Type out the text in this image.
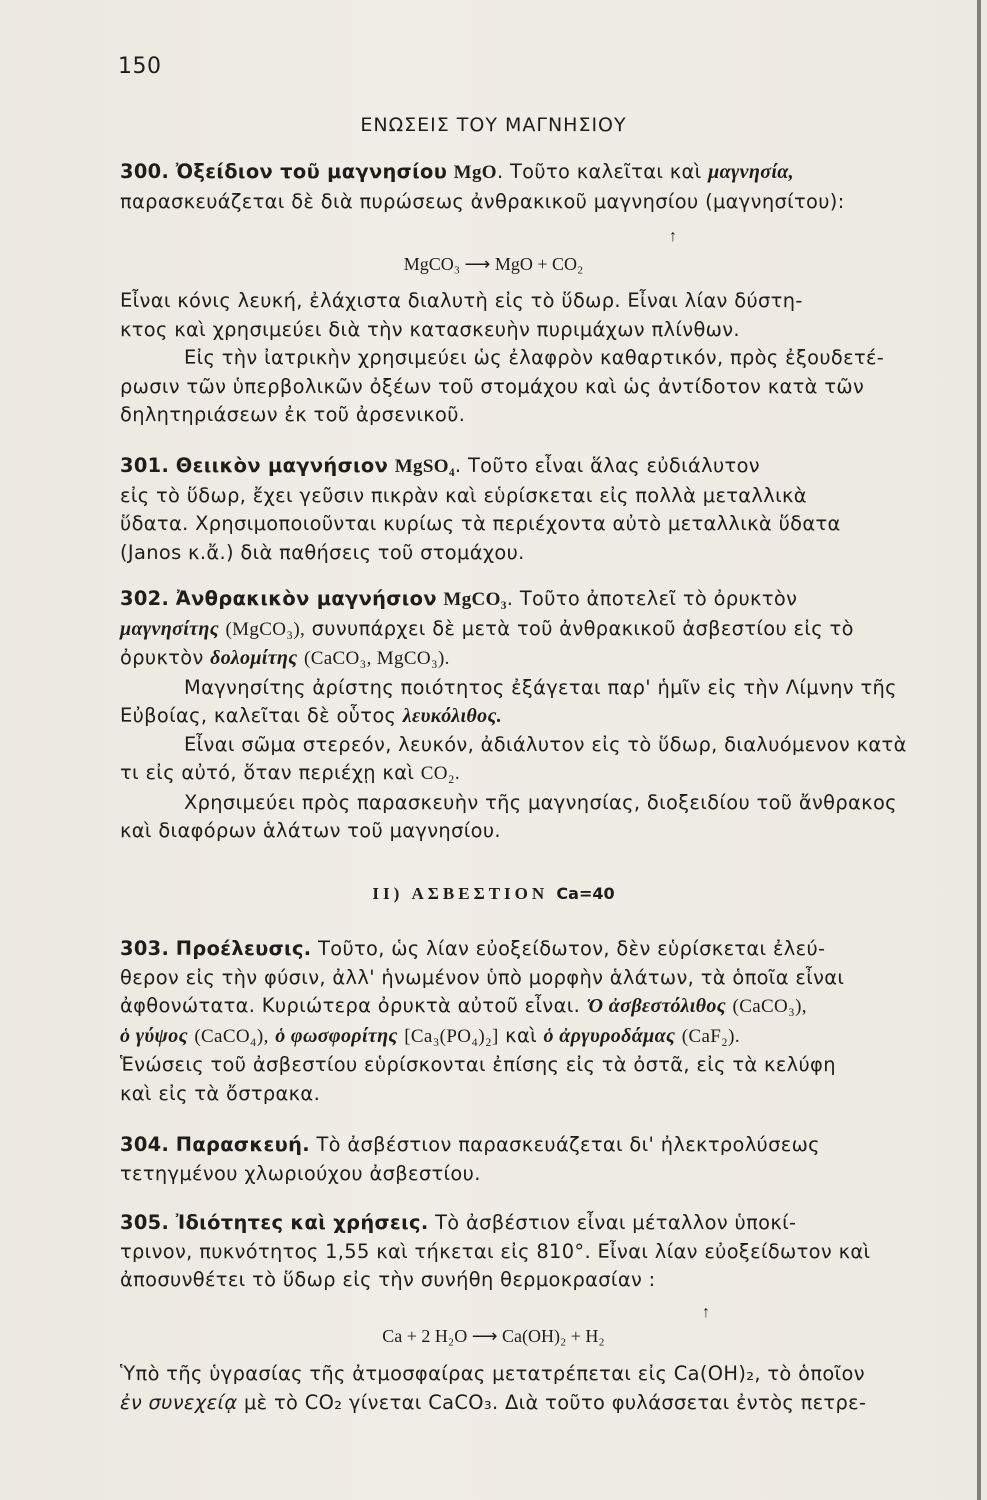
150
ΕΝΩΣΕΙΣ ΤΟΥ ΜΑΓΝΗΣΙΟΥ
300. Ὀξείδιον τοῦ μαγνησίου MgO. Τοῦτο καλεῖται καὶ μαγνησία,
παρασκευάζεται δὲ διὰ πυρώσεως ἀνθρακικοῦ μαγνησίου (μαγνησίτου):
↑
MgCO₃ ⟶ MgO + CO₂
Εἶναι κόνις λευκή, ἐλάχιστα διαλυτὴ εἰς τὸ ὕδωρ. Εἶναι λίαν δύστη-
κτος καὶ χρησιμεύει διὰ τὴν κατασκευὴν πυριμάχων πλίνθων.
Εἰς τὴν ἰατρικὴν χρησιμεύει ὡς ἐλαφρὸν καθαρτικόν, πρὸς ἐξουδετέ-
ρωσιν τῶν ὑπερβολικῶν ὀξέων τοῦ στομάχου καὶ ὡς ἀντίδοτον κατὰ τῶν
δηλητηριάσεων ἐκ τοῦ ἀρσενικοῦ.
301. Θειικὸν μαγνήσιον MgSO₄. Τοῦτο εἶναι ἅλας εὐδιάλυτον
εἰς τὸ ὕδωρ, ἔχει γεῦσιν πικρὰν καὶ εὑρίσκεται εἰς πολλὰ μεταλλικὰ
ὕδατα. Χρησιμοποιοῦνται κυρίως τὰ περιέχοντα αὐτὸ μεταλλικὰ ὕδατα
(Janos κ.ἄ.) διὰ παθήσεις τοῦ στομάχου.
302. Ἀνθρακικὸν μαγνήσιον MgCO₃. Τοῦτο ἀποτελεῖ τὸ ὀρυκτὸν
μαγνησίτης (MgCO₃), συνυπάρχει δὲ μετὰ τοῦ ἀνθρακικοῦ ἀσβεστίου εἰς τὸ
ὀρυκτὸν δολομίτης (CaCO₃, MgCO₃).
Μαγνησίτης ἀρίστης ποιότητος ἐξάγεται παρ' ἡμῖν εἰς τὴν Λίμνην τῆς
Εὐβοίας, καλεῖται δὲ οὗτος λευκόλιθος.
Εἶναι σῶμα στερεόν, λευκόν, ἀδιάλυτον εἰς τὸ ὕδωρ, διαλυόμενον κατὰ
τι εἰς αὐτό, ὅταν περιέχῃ καὶ CO₂.
Χρησιμεύει πρὸς παρασκευὴν τῆς μαγνησίας, διοξειδίου τοῦ ἄνθρακος
καὶ διαφόρων ἁλάτων τοῦ μαγνησίου.
II) ΑΣΒΕΣΤΙΟΝ Ca=40
303. Προέλευσις. Τοῦτο, ὡς λίαν εὐοξείδωτον, δὲν εὑρίσκεται ἐλεύ-
θερον εἰς τὴν φύσιν, ἀλλ' ἡνωμένον ὑπὸ μορφὴν ἁλάτων, τὰ ὁποῖα εἶναι
ἀφθονώτατα. Κυριώτερα ὀρυκτὰ αὐτοῦ εἶναι. Ὁ ἀσβεστόλιθος (CaCO₃),
ὁ γύψος (CaCO₄), ὁ φωσφορίτης [Ca₃(PO₄)₂] καὶ ὁ ἀργυροδάμας (CaF₂).
Ἑνώσεις τοῦ ἀσβεστίου εὑρίσκονται ἐπίσης εἰς τὰ ὀστᾶ, εἰς τὰ κελύφη
καὶ εἰς τὰ ὄστρακα.
304. Παρασκευή. Τὸ ἀσβέστιον παρασκευάζεται δι' ἠλεκτρολύσεως
τετηγμένου χλωριούχου ἀσβεστίου.
305. Ἰδιότητες καὶ χρήσεις. Τὸ ἀσβέστιον εἶναι μέταλλον ὑποκί-
τρινον, πυκνότητος 1,55 καὶ τήκεται εἰς 810°. Εἶναι λίαν εὐοξείδωτον καὶ
ἀποσυνθέτει τὸ ὕδωρ εἰς τὴν συνήθη θερμοκρασίαν :
↑
Ca + 2 H₂O ⟶ Ca(OH)₂ + H₂
Ὑπὸ τῆς ὑγρασίας τῆς ἀτμοσφαίρας μετατρέπεται εἰς Ca(OH)₂, τὸ ὁποῖον
ἐν συνεχείᾳ μὲ τὸ CO₂ γίνεται CaCO₃. Διὰ τοῦτο φυλάσσεται ἐντὸς πετρε-
